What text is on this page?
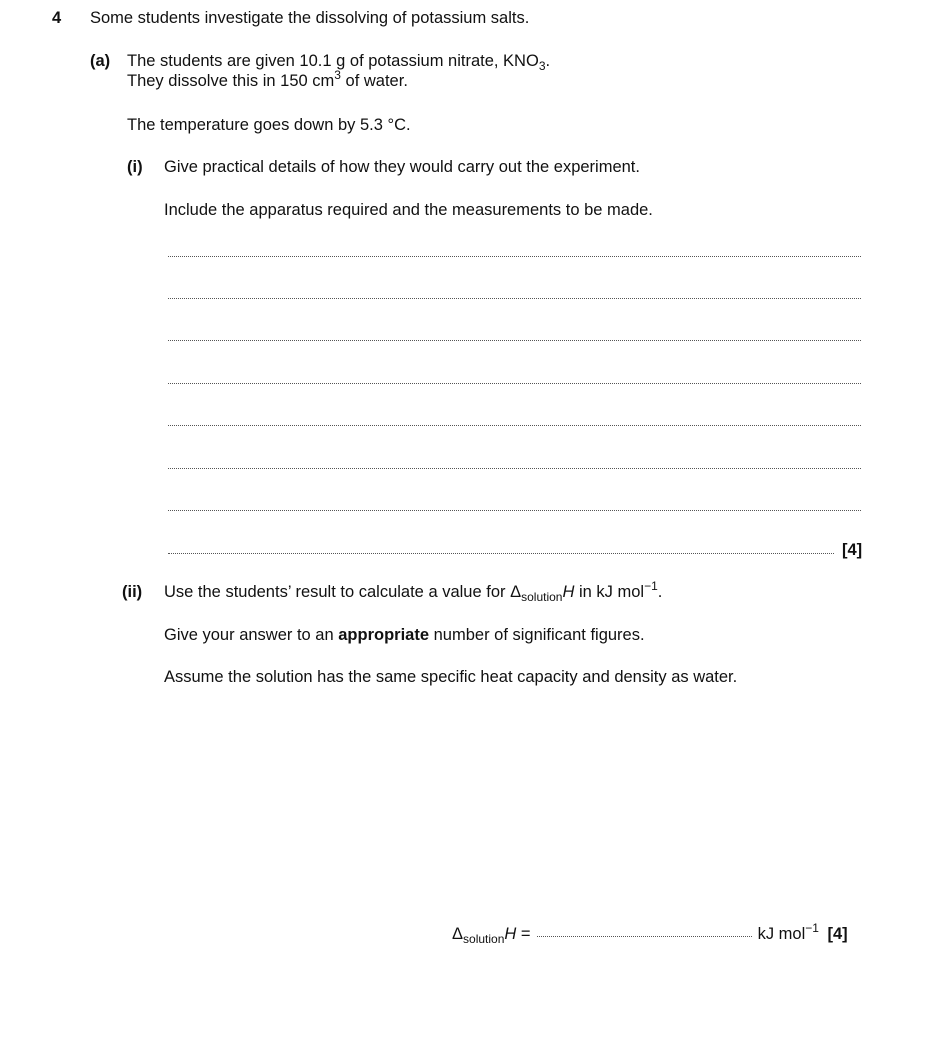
4 Some students investigate the dissolving of potassium salts.
(a) The students are given 10.1 g of potassium nitrate, $KNO_3$.
They dissolve this in 150 $cm^3$ of water.
The temperature goes down by 5.3 °C.
(i) Give practical details of how they would carry out the experiment.
Include the apparatus required and the measurements to be made.
[4]
(ii) Use the students’ result to calculate a value for $\Delta_{solution}H$ in kJ mol$^{-1}$.
Give your answer to an appropriate number of significant figures.
Assume the solution has the same specific heat capacity and density as water.
$\Delta_{solution}H$ =	kJ mol$^{-1}$ [4]
